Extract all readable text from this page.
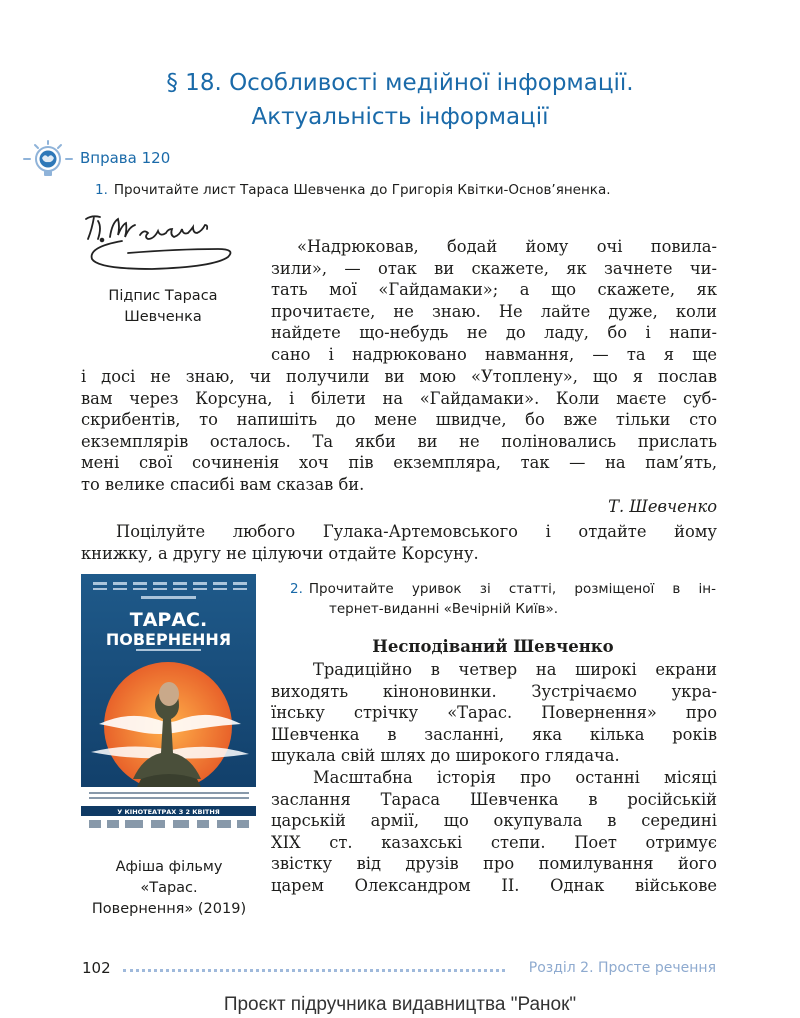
§ 18. Особливості медійної інформації.
Актуальність інформації
Вправа 120
1. Прочитайте лист Тараса Шевченка до Григорія Квітки-Основ’яненка.
Підпис Тараса
Шевченка
«Надрюковав, бодай йому очі повила-
зили», — отак ви скажете, як зачнете чи-
тать мої «Гайдамаки»; а що скажете, як
прочитаєте, не знаю. Не лайте дуже, коли
найдете що-небудь не до ладу, бо і напи-
сано і надрюковано навмання, — та я ще
і досі не знаю, чи получили ви мою «Утоплену», що я послав
вам через Корсуна, і білети на «Гайдамаки». Коли маєте суб-
скрибентів, то напишіть до мене швидче, бо вже тільки сто
екземплярів осталось. Та якби ви не поліновались прислать
мені свої сочиненія хоч пів екземпляра, так — на пам’ять,
то велике спасибі вам сказав би.
Т. Шевченко
Поцілуйте любого Гулака-Артемовського і отдайте йому
книжку, а другу не цілуючи отдайте Корсуну.
ТАРАС.
ПОВЕРНЕННЯ
У КІНОТЕАТРАХ З 2 КВІТНЯ
Афіша фільму
«Тарас.
Повернення» (2019)
2. Прочитайте уривок зі статті, розміщеної в ін-
тернет-виданні «Вечірній Київ».
Несподіваний Шевченко
Традиційно в четвер на широкі екрани
виходять кіноновинки. Зустрічаємо укра-
їнську стрічку «Тарас. Повернення» про
Шевченка в засланні, яка кілька років
шукала свій шлях до широкого глядача.
Масштабна історія про останні місяці
заслання Тараса Шевченка в російській
царській армії, що окупувала в середині
XIX ст. казахські степи. Поет отримує
звістку від друзів про помилування його
царем Олександром II. Однак військове
102	Розділ 2. Просте речення
Проєкт підручника видавництва "Ранок"
